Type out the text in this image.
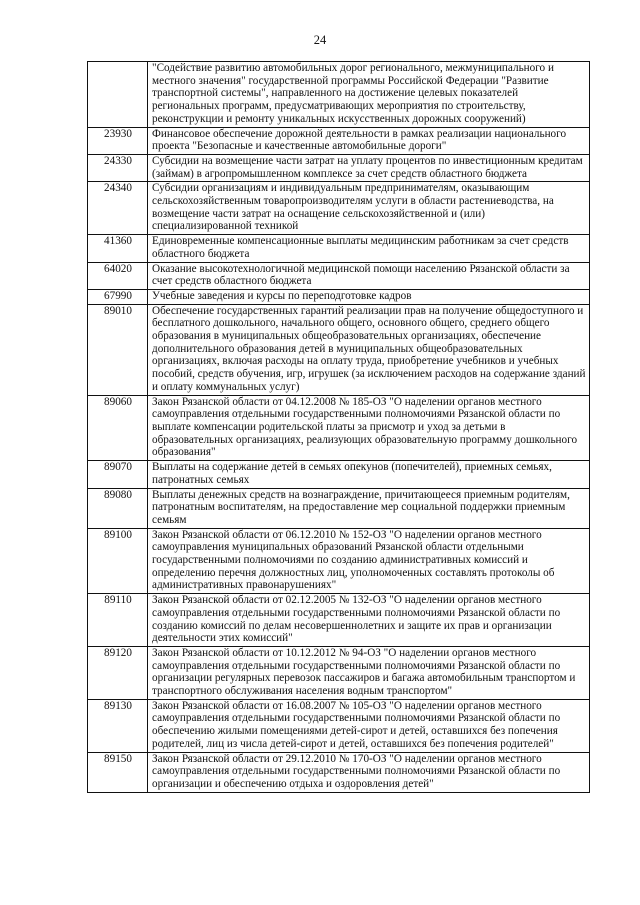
24
	"Содействие развитию автомобильных дорог регионального, межмуниципального и местного значения" государственной программы Российской Федерации "Развитие транспортной системы", направленного на достижение целевых показателей региональных программ, предусматривающих мероприятия по строительству, реконструкции и ремонту уникальных искусственных дорожных сооружений)
23930	Финансовое обеспечение дорожной деятельности в рамках реализации национального проекта "Безопасные и качественные автомобильные дороги"
24330	Субсидии на возмещение части затрат на уплату процентов по инвестиционным кредитам (займам) в агропромышленном комплексе за счет средств областного бюджета
24340	Субсидии организациям и индивидуальным предпринимателям, оказывающим сельскохозяйственным товаропроизводителям услуги в области растениеводства, на возмещение части затрат на оснащение сельскохозяйственной и (или) специализированной техникой
41360	Единовременные компенсационные выплаты медицинским работникам за счет средств областного бюджета
64020	Оказание высокотехнологичной медицинской помощи населению Рязанской области за счет средств областного бюджета
67990	Учебные заведения и курсы по переподготовке кадров
89010	Обеспечение государственных гарантий реализации прав на получение общедоступного и бесплатного дошкольного, начального общего, основного общего, среднего общего образования в муниципальных общеобразовательных организациях, обеспечение дополнительного образования детей в муниципальных общеобразовательных организациях, включая расходы на оплату труда, приобретение учебников и учебных пособий, средств обучения, игр, игрушек (за исключением расходов на содержание зданий и оплату коммунальных услуг)
89060	Закон Рязанской области от 04.12.2008 № 185-ОЗ "О наделении органов местного самоуправления отдельными государственными полномочиями Рязанской области по выплате компенсации родительской платы за присмотр и уход за детьми в образовательных организациях, реализующих образовательную программу дошкольного образования"
89070	Выплаты на содержание детей в семьях опекунов (попечителей), приемных семьях, патронатных семьях
89080	Выплаты денежных средств на вознаграждение, причитающееся приемным родителям, патронатным воспитателям, на предоставление мер социальной поддержки приемным семьям
89100	Закон Рязанской области от 06.12.2010 № 152-ОЗ "О наделении органов местного самоуправления муниципальных образований Рязанской области отдельными государственными полномочиями по созданию административных комиссий и определению перечня должностных лиц, уполномоченных составлять протоколы об административных правонарушениях"
89110	Закон Рязанской области от 02.12.2005 № 132-ОЗ "О наделении органов местного самоуправления отдельными государственными полномочиями Рязанской области по созданию комиссий по делам несовершеннолетних и защите их прав и организации деятельности этих комиссий"
89120	Закон Рязанской области от 10.12.2012 № 94-ОЗ "О наделении органов местного самоуправления отдельными государственными полномочиями Рязанской области по организации регулярных перевозок пассажиров и багажа автомобильным транспортом и транспортного обслуживания населения водным транспортом"
89130	Закон Рязанской области от 16.08.2007 № 105-ОЗ "О наделении органов местного самоуправления отдельными государственными полномочиями Рязанской области по обеспечению жилыми помещениями детей-сирот и детей, оставшихся без попечения родителей, лиц из числа детей-сирот и детей, оставшихся без попечения родителей"
89150	Закон Рязанской области от 29.12.2010 № 170-ОЗ "О наделении органов местного самоуправления отдельными государственными полномочиями Рязанской области по организации и обеспечению отдыха и оздоровления детей"
